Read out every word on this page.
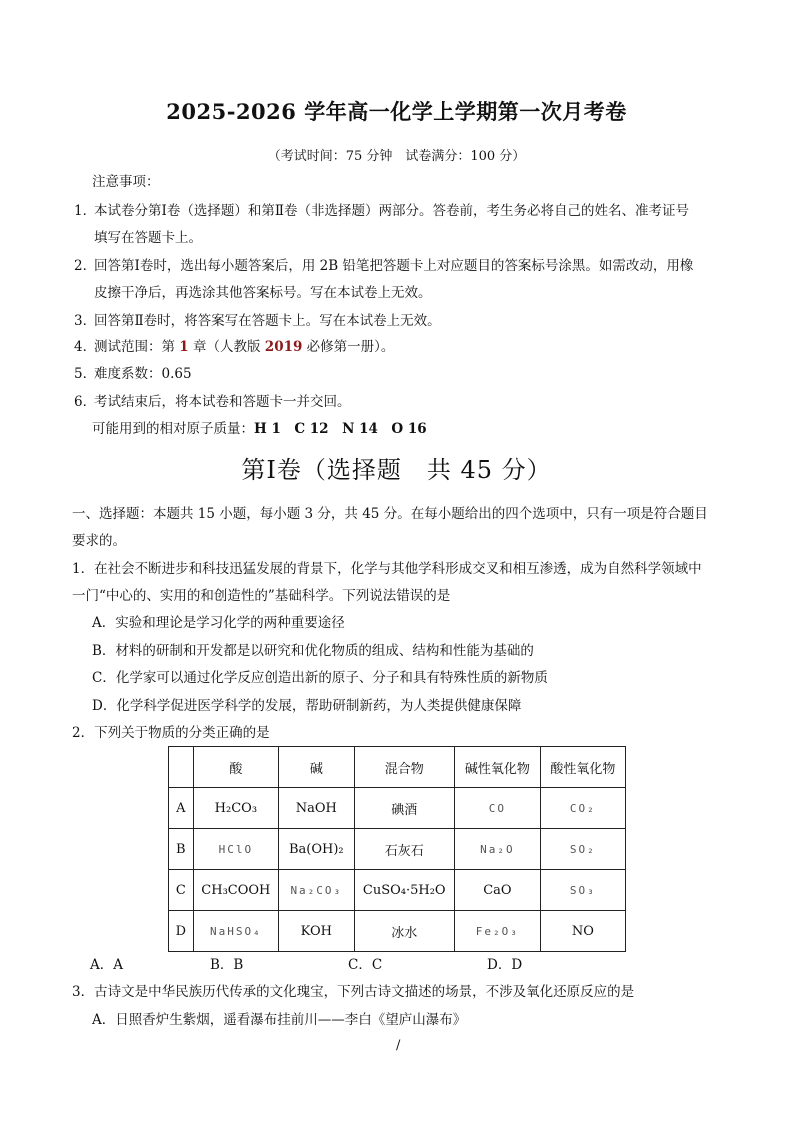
2025-2026 学年高一化学上学期第一次月考卷
（考试时间：75 分钟　试卷满分：100 分）
注意事项：
1．本试卷分第Ⅰ卷（选择题）和第Ⅱ卷（非选择题）两部分。答卷前，考生务必将自己的姓名、准考证号
填写在答题卡上。
2．回答第Ⅰ卷时，选出每小题答案后，用 2B 铅笔把答题卡上对应题目的答案标号涂黑。如需改动，用橡
皮擦干净后，再选涂其他答案标号。写在本试卷上无效。
3．回答第Ⅱ卷时，将答案写在答题卡上。写在本试卷上无效。
4．测试范围：第 1 章（人教版 2019 必修第一册）。
5．难度系数：0.65
6．考试结束后，将本试卷和答题卡一并交回。
可能用到的相对原子质量：H 1　C 12　N 14　O 16
第Ⅰ卷（选择题　共 45 分）
一、选择题：本题共 15 小题，每小题 3 分，共 45 分。在每小题给出的四个选项中，只有一项是符合题目
要求的。
1．在社会不断进步和科技迅猛发展的背景下，化学与其他学科形成交叉和相互渗透，成为自然科学领域中
一门“中心的、实用的和创造性的”基础科学。下列说法错误的是
A．实验和理论是学习化学的两种重要途径
B．材料的研制和开发都是以研究和优化物质的组成、结构和性能为基础的
C．化学家可以通过化学反应创造出新的原子、分子和具有特殊性质的新物质
D．化学科学促进医学科学的发展，帮助研制新药，为人类提供健康保障
2．下列关于物质的分类正确的是
	酸	碱	混合物	碱性氧化物	酸性氧化物
A	H₂CO₃	NaOH	碘酒	CO	CO₂
B	HClO	Ba(OH)₂	石灰石	Na₂O	SO₂
C	CH₃COOH	Na₂CO₃	CuSO₄·5H₂O	CaO	SO₃
D	NaHSO₄	KOH	冰水	Fe₂O₃	NO
A．A	B．B	C．C	D．D
3．古诗文是中华民族历代传承的文化瑰宝，下列古诗文描述的场景，不涉及氧化还原反应的是
A．日照香炉生紫烟，遥看瀑布挂前川——李白《望庐山瀑布》
/
